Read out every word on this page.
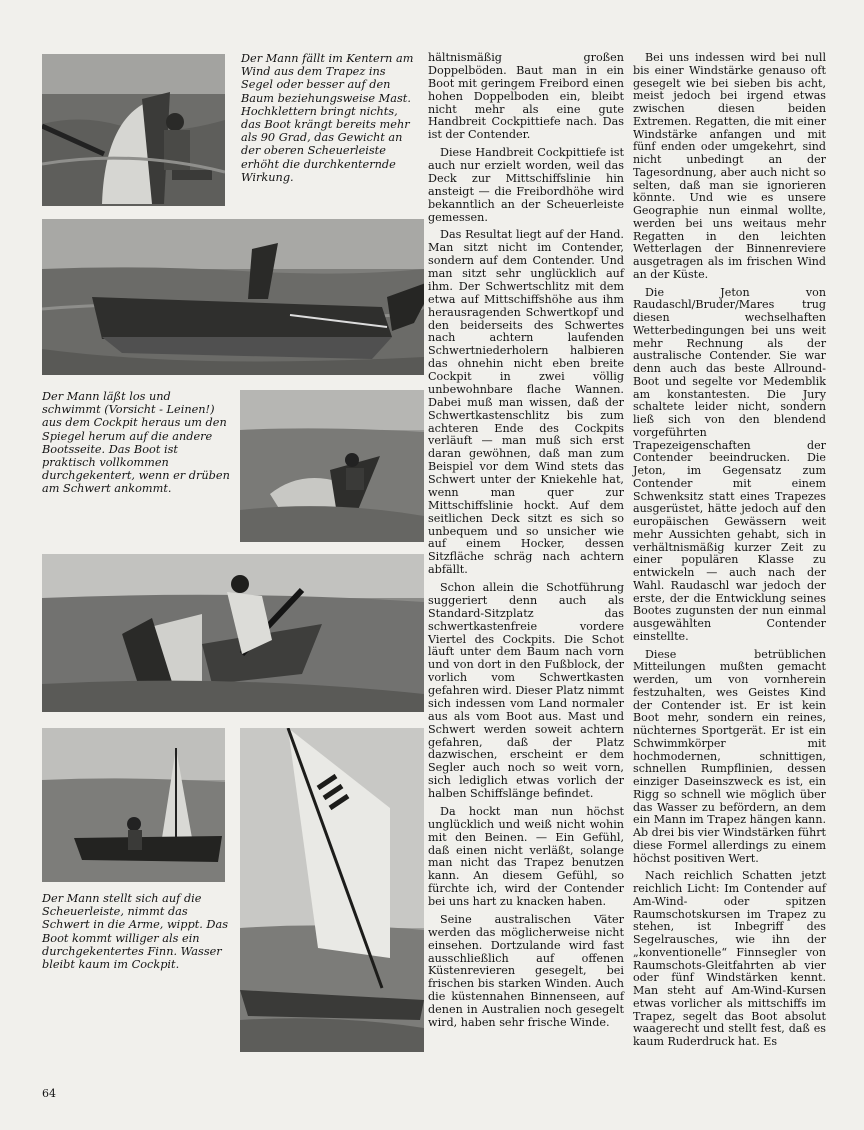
Der Mann fällt im Kentern am Wind aus dem Trapez ins Segel oder besser auf den Baum beziehungsweise Mast. Hochklettern bringt nichts, das Boot krängt bereits mehr als 90 Grad, das Gewicht an der oberen Scheuerleiste erhöht die durchkenternde Wirkung.

Der Mann läßt los und schwimmt (Vorsicht - Leinen!) aus dem Cockpit heraus um den Spiegel herum auf die andere Bootsseite. Das Boot ist praktisch vollkommen durchgekentert, wenn er drüben am Schwert ankommt.

Der Mann stellt sich auf die Scheuerleiste, nimmt das Schwert in die Arme, wippt. Das Boot kommt williger als ein durchgekentertes Finn. Wasser bleibt kaum im Cockpit.

hältnismäßig großen Doppelböden. Baut man in ein Boot mit geringem Freibord einen hohen Doppelboden ein, bleibt nicht mehr als eine gute Handbreit Cockpittiefe nach. Das ist der Contender.

Diese Handbreit Cockpittiefe ist auch nur erzielt worden, weil das Deck zur Mittschiffslinie hin ansteigt — die Freibordhöhe wird bekanntlich an der Scheuerleiste gemessen.

Das Resultat liegt auf der Hand. Man sitzt nicht im Contender, sondern auf dem Contender. Und man sitzt sehr unglücklich auf ihm. Der Schwertschlitz mit dem etwa auf Mittschiffshöhe aus ihm herausragenden Schwertkopf und den beiderseits des Schwertes nach achtern laufenden Schwertniederholern halbieren das ohnehin nicht eben breite Cockpit in zwei völlig unbewohnbare flache Wannen. Dabei muß man wissen, daß der Schwertkastenschlitz bis zum achteren Ende des Cockpits verläuft — man muß sich erst daran gewöhnen, daß man zum Beispiel vor dem Wind stets das Schwert unter der Kniekehle hat, wenn man quer zur Mittschiffslinie hockt. Auf dem seitlichen Deck sitzt es sich so unbequem und so unsicher wie auf einem Hocker, dessen Sitzfläche schräg nach achtern abfällt.

Schon allein die Schotführung suggeriert denn auch als Standard-Sitzplatz das schwertkastenfreie vordere Viertel des Cockpits. Die Schot läuft unter dem Baum nach vorn und von dort in den Fußblock, der vorlich vom Schwertkasten gefahren wird. Dieser Platz nimmt sich indessen vom Land normaler aus als vom Boot aus. Mast und Schwert werden soweit achtern gefahren, daß der Platz dazwischen, erscheint er dem Segler auch noch so weit vorn, sich lediglich etwas vorlich der halben Schiffslänge befindet.

Da hockt man nun höchst unglücklich und weiß nicht wohin mit den Beinen. — Ein Gefühl, daß einen nicht verläßt, solange man nicht das Trapez benutzen kann. An diesem Gefühl, so fürchte ich, wird der Contender bei uns hart zu knacken haben.

Seine australischen Väter werden das möglicherweise nicht einsehen. Dortzulande wird fast ausschließlich auf offenen Küstenrevieren gesegelt, bei frischen bis starken Winden. Auch die küstennahen Binnenseen, auf denen in Australien noch gesegelt wird, haben sehr frische Winde.

Bei uns indessen wird bei null bis einer Windstärke genauso oft gesegelt wie bei sieben bis acht, meist jedoch bei irgend etwas zwischen diesen beiden Extremen. Regatten, die mit einer Windstärke anfangen und mit fünf enden oder umgekehrt, sind nicht unbedingt an der Tagesordnung, aber auch nicht so selten, daß man sie ignorieren könnte. Und wie es unsere Geographie nun einmal wollte, werden bei uns weitaus mehr Regatten in den leichten Wetterlagen der Binnenreviere ausgetragen als im frischen Wind an der Küste.

Die Jeton von Raudaschl/Bruder/Mares trug diesen wechselhaften Wetterbedingungen bei uns weit mehr Rechnung als der australische Contender. Sie war denn auch das beste Allround-Boot und segelte vor Medemblik am konstantesten. Die Jury schaltete leider nicht, sondern ließ sich von den blendend vorgeführten Trapezeigenschaften der Contender beeindrucken. Die Jeton, im Gegensatz zum Contender mit einem Schwenksitz statt eines Trapezes ausgerüstet, hätte jedoch auf den europäischen Gewässern weit mehr Aussichten gehabt, sich in verhältnismäßig kurzer Zeit zu einer populären Klasse zu entwickeln — auch nach der Wahl. Raudaschl war jedoch der erste, der die Entwicklung seines Bootes zugunsten der nun einmal ausgewählten Contender einstellte.

Diese betrüblichen Mitteilungen mußten gemacht werden, um von vornherein festzuhalten, wes Geistes Kind der Contender ist. Er ist kein Boot mehr, sondern ein reines, nüchternes Sportgerät. Er ist ein Schwimmkörper mit hochmodernen, schnittigen, schnellen Rumpflinien, dessen einziger Daseinszweck es ist, ein Rigg so schnell wie möglich über das Wasser zu befördern, an dem ein Mann im Trapez hängen kann. Ab drei bis vier Windstärken führt diese Formel allerdings zu einem höchst positiven Wert.

Nach reichlich Schatten jetzt reichlich Licht: Im Contender auf Am-Wind- oder spitzen Raumschotskursen im Trapez zu stehen, ist Inbegriff des Segelrausches, wie ihn der „konventionelle“ Finnsegler von Raumschots-Gleitfahrten ab vier oder fünf Windstärken kennt. Man steht auf Am-Wind-Kursen etwas vorlicher als mittschiffs im Trapez, segelt das Boot absolut waagerecht und stellt fest, daß es kaum Ruderdruck hat. Es

64
